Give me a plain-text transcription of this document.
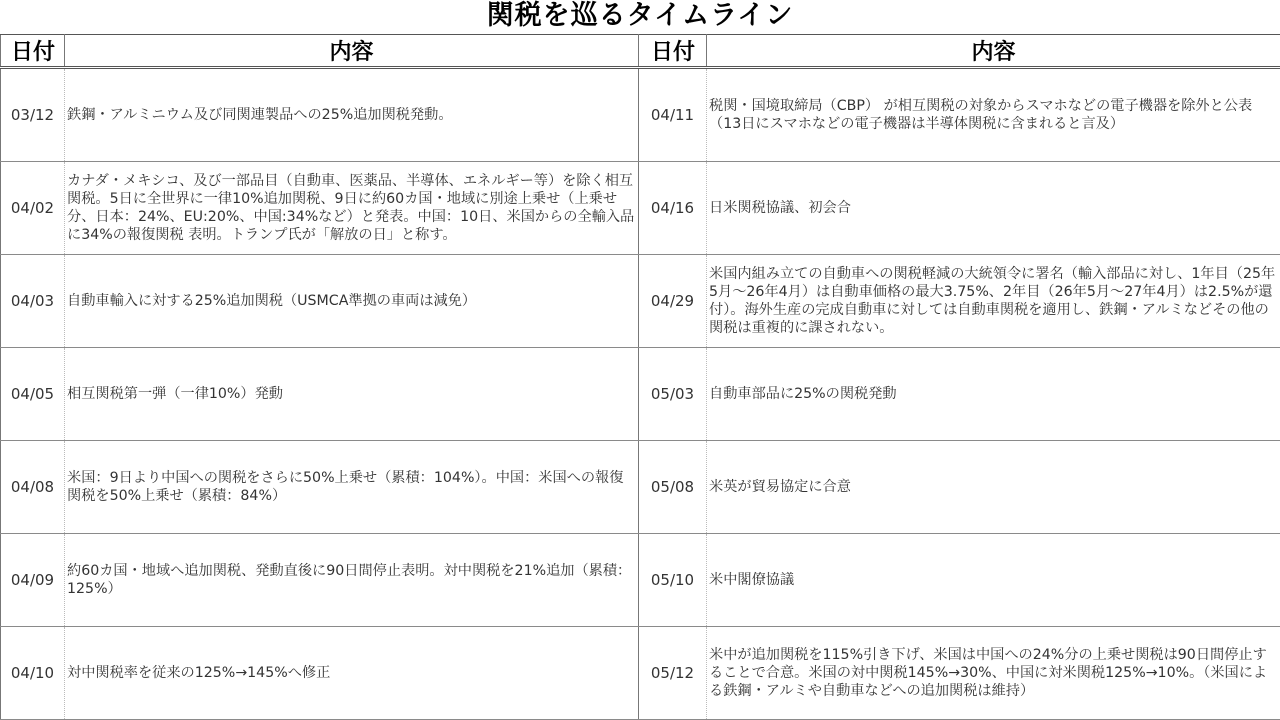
関税を巡るタイムライン
日付	内容	日付	内容
03/12	鉄鋼・アルミニウム及び同関連製品への25%追加関税発動。	04/11	税関・国境取締局（CBP） が相互関税の対象からスマホなどの電子機器を除外と公表（13日にスマホなどの電子機器は半導体関税に含まれると言及）
04/02	カナダ・メキシコ、及び一部品目（自動車、医薬品、半導体、エネルギー等）を除く相互関税。5日に全世界に一律10%追加関税、9日に約60カ国・地域に別途上乗せ（上乗せ分、日本：24%、EU:20%、中国:34%など）と発表。中国：10日、米国からの全輸入品に34%の報復関税 表明。トランプ氏が「解放の日」と称す。	04/16	日米関税協議、初会合
04/03	自動車輸入に対する25%追加関税（USMCA準拠の車両は減免）	04/29	米国内組み立ての自動車への関税軽減の大統領令に署名（輸入部品に対し、1年目（25年5月～26年4月）は自動車価格の最大3.75%、2年目（26年5月～27年4月）は2.5%が還付）。海外生産の完成自動車に対しては自動車関税を適用し、鉄鋼・アルミなどその他の関税は重複的に課されない。
04/05	相互関税第一弾（一律10%）発動	05/03	自動車部品に25%の関税発動
04/08	米国：9日より中国への関税をさらに50%上乗せ（累積：104%）。中国：米国への報復関税を50%上乗せ（累積：84%）	05/08	米英が貿易協定に合意
04/09	約60カ国・地域へ追加関税、発動直後に90日間停止表明。対中関税を21%追加（累積：125%）	05/10	米中閣僚協議
04/10	対中関税率を従来の125%→145%へ修正	05/12	米中が追加関税を115%引き下げ、米国は中国への24%分の上乗せ関税は90日間停止することで合意。米国の対中関税145%→30%、中国に対米関税125%→10%。（米国による鉄鋼・アルミや自動車などへの追加関税は維持）
